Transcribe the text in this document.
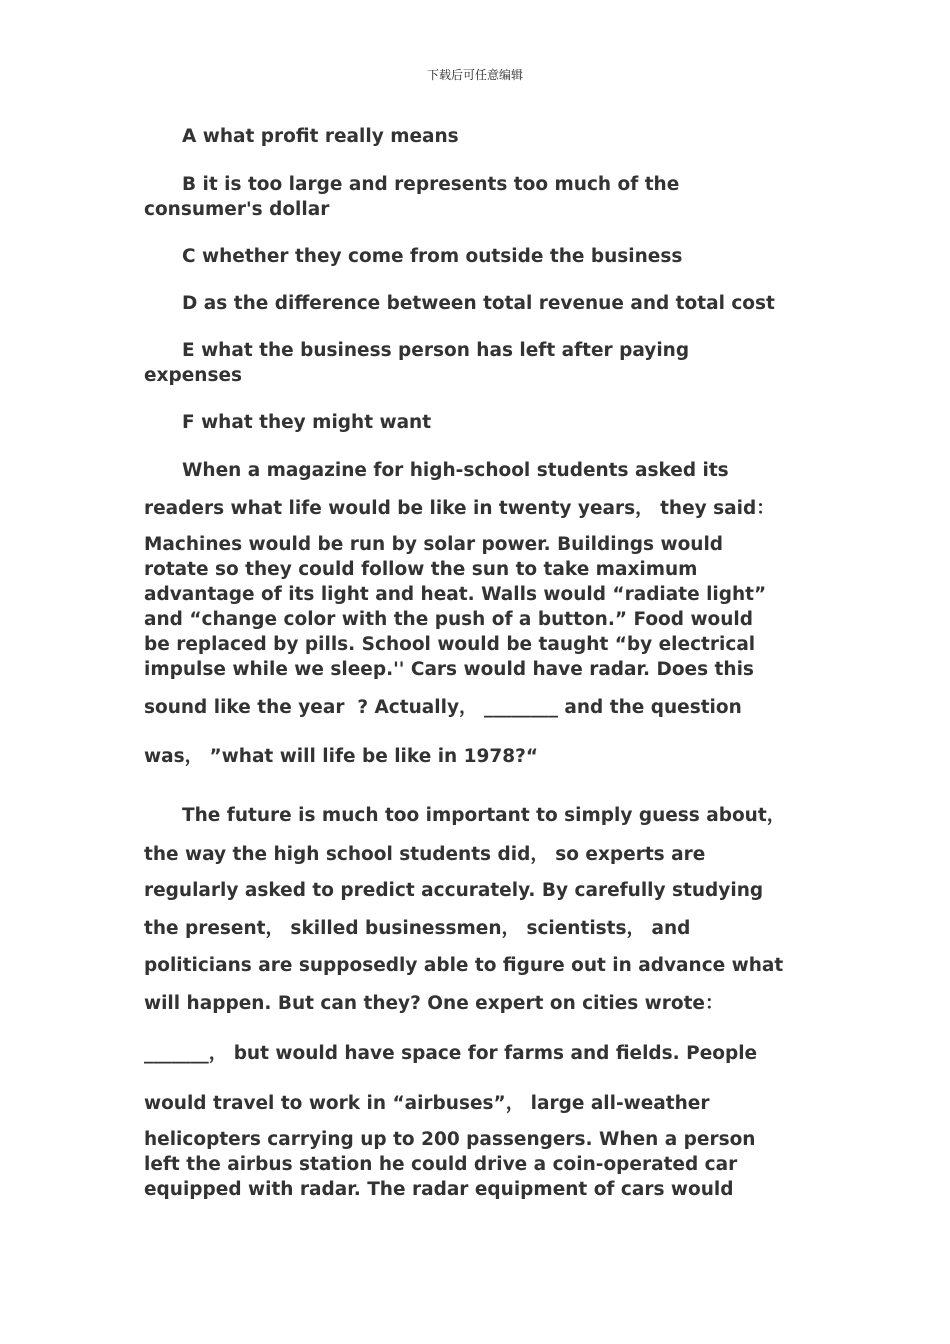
下载后可任意编辑

A what profit really means

B it is too large and represents too much of the consumer's dollar

C whether they come from outside the business

D as the difference between total revenue and total cost

E what the business person has left after paying expenses

F what they might want

When a magazine for high-school students asked its

readers what life would be like in twenty years， they said：

Machines would be run by solar power. Buildings would rotate so they could follow the sun to take maximum advantage of its light and heat. Walls would “radiate light” and “change color with the push of a button.” Food would be replaced by pills. School would be taught “by electrical impulse while we sleep.'' Cars would have radar. Does this

sound like the year  ? Actually， ________ and the question

was， ”what will life be like in 1978?“

The future is much too important to simply guess about，

the way the high school students did， so experts are

regularly asked to predict accurately. By carefully studying

the present， skilled businessmen， scientists， and

politicians are supposedly able to figure out in advance what

will happen. But can they? One expert on cities wrote：

_______， but would have space for farms and fields. People

would travel to work in “airbuses”， large all-weather

helicopters carrying up to 200 passengers. When a person left the airbus station he could drive a coin-operated car equipped with radar. The radar equipment of cars would
